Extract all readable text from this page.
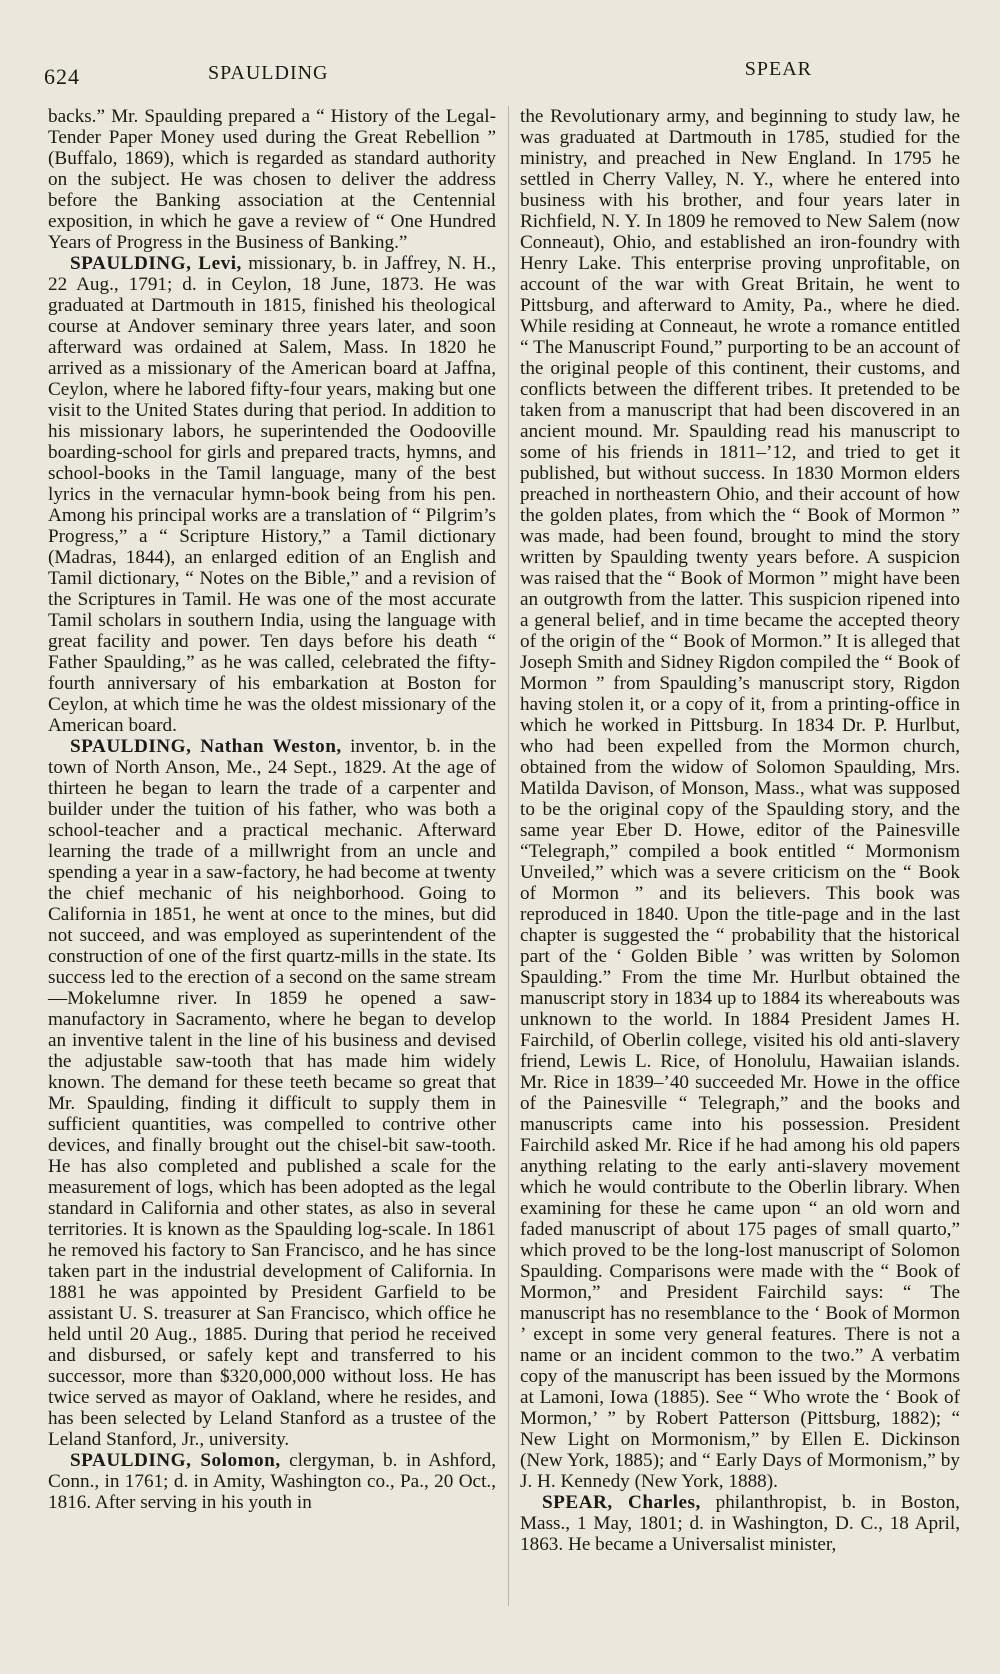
624	SPAULDING	SPEAR

backs.” Mr. Spaulding prepared a “ History of the Legal-Tender Paper Money used during the Great Rebellion ” (Buffalo, 1869), which is regarded as standard authority on the subject. He was chosen to deliver the address before the Banking association at the Centennial exposition, in which he gave a review of “ One Hundred Years of Progress in the Business of Banking.”

SPAULDING, Levi, missionary, b. in Jaffrey, N. H., 22 Aug., 1791; d. in Ceylon, 18 June, 1873. He was graduated at Dartmouth in 1815, finished his theological course at Andover seminary three years later, and soon afterward was ordained at Salem, Mass. In 1820 he arrived as a missionary of the American board at Jaffna, Ceylon, where he labored fifty-four years, making but one visit to the United States during that period. In addition to his missionary labors, he superintended the Oodooville boarding-school for girls and prepared tracts, hymns, and school-books in the Tamil language, many of the best lyrics in the vernacular hymn-book being from his pen. Among his principal works are a translation of “ Pilgrim’s Progress,” a “ Scripture History,” a Tamil dictionary (Madras, 1844), an enlarged edition of an English and Tamil dictionary, “ Notes on the Bible,” and a revision of the Scriptures in Tamil. He was one of the most accurate Tamil scholars in southern India, using the language with great facility and power. Ten days before his death “ Father Spaulding,” as he was called, celebrated the fifty-fourth anniversary of his embarkation at Boston for Ceylon, at which time he was the oldest missionary of the American board.

SPAULDING, Nathan Weston, inventor, b. in the town of North Anson, Me., 24 Sept., 1829. At the age of thirteen he began to learn the trade of a carpenter and builder under the tuition of his father, who was both a school-teacher and a practical mechanic. Afterward learning the trade of a millwright from an uncle and spending a year in a saw-factory, he had become at twenty the chief mechanic of his neighborhood. Going to California in 1851, he went at once to the mines, but did not succeed, and was employed as superintendent of the construction of one of the first quartz-mills in the state. Its success led to the erection of a second on the same stream—Mokelumne river. In 1859 he opened a saw-manufactory in Sacramento, where he began to develop an inventive talent in the line of his business and devised the adjustable saw-tooth that has made him widely known. The demand for these teeth became so great that Mr. Spaulding, finding it difficult to supply them in sufficient quantities, was compelled to contrive other devices, and finally brought out the chisel-bit saw-tooth. He has also completed and published a scale for the measurement of logs, which has been adopted as the legal standard in California and other states, as also in several territories. It is known as the Spaulding log-scale. In 1861 he removed his factory to San Francisco, and he has since taken part in the industrial development of California. In 1881 he was appointed by President Garfield to be assistant U. S. treasurer at San Francisco, which office he held until 20 Aug., 1885. During that period he received and disbursed, or safely kept and transferred to his successor, more than $320,000,000 without loss. He has twice served as mayor of Oakland, where he resides, and has been selected by Leland Stanford as a trustee of the Leland Stanford, Jr., university.

SPAULDING, Solomon, clergyman, b. in Ashford, Conn., in 1761; d. in Amity, Washington co., Pa., 20 Oct., 1816. After serving in his youth in

the Revolutionary army, and beginning to study law, he was graduated at Dartmouth in 1785, studied for the ministry, and preached in New England. In 1795 he settled in Cherry Valley, N. Y., where he entered into business with his brother, and four years later in Richfield, N. Y. In 1809 he removed to New Salem (now Conneaut), Ohio, and established an iron-foundry with Henry Lake. This enterprise proving unprofitable, on account of the war with Great Britain, he went to Pittsburg, and afterward to Amity, Pa., where he died. While residing at Conneaut, he wrote a romance entitled “ The Manuscript Found,” purporting to be an account of the original people of this continent, their customs, and conflicts between the different tribes. It pretended to be taken from a manuscript that had been discovered in an ancient mound. Mr. Spaulding read his manuscript to some of his friends in 1811–’12, and tried to get it published, but without success. In 1830 Mormon elders preached in northeastern Ohio, and their account of how the golden plates, from which the “ Book of Mormon ” was made, had been found, brought to mind the story written by Spaulding twenty years before. A suspicion was raised that the “ Book of Mormon ” might have been an outgrowth from the latter. This suspicion ripened into a general belief, and in time became the accepted theory of the origin of the “ Book of Mormon.” It is alleged that Joseph Smith and Sidney Rigdon compiled the “ Book of Mormon ” from Spaulding’s manuscript story, Rigdon having stolen it, or a copy of it, from a printing-office in which he worked in Pittsburg. In 1834 Dr. P. Hurlbut, who had been expelled from the Mormon church, obtained from the widow of Solomon Spaulding, Mrs. Matilda Davison, of Monson, Mass., what was supposed to be the original copy of the Spaulding story, and the same year Eber D. Howe, editor of the Painesville “Telegraph,” compiled a book entitled “ Mormonism Unveiled,” which was a severe criticism on the “ Book of Mormon ” and its believers. This book was reproduced in 1840. Upon the title-page and in the last chapter is suggested the “ probability that the historical part of the ‘ Golden Bible ’ was written by Solomon Spaulding.” From the time Mr. Hurlbut obtained the manuscript story in 1834 up to 1884 its whereabouts was unknown to the world. In 1884 President James H. Fairchild, of Oberlin college, visited his old anti-slavery friend, Lewis L. Rice, of Honolulu, Hawaiian islands. Mr. Rice in 1839–’40 succeeded Mr. Howe in the office of the Painesville “ Telegraph,” and the books and manuscripts came into his possession. President Fairchild asked Mr. Rice if he had among his old papers anything relating to the early anti-slavery movement which he would contribute to the Oberlin library. When examining for these he came upon “ an old worn and faded manuscript of about 175 pages of small quarto,” which proved to be the long-lost manuscript of Solomon Spaulding. Comparisons were made with the “ Book of Mormon,” and President Fairchild says: “ The manuscript has no resemblance to the ‘ Book of Mormon ’ except in some very general features. There is not a name or an incident common to the two.” A verbatim copy of the manuscript has been issued by the Mormons at Lamoni, Iowa (1885). See “ Who wrote the ‘ Book of Mormon,’ ” by Robert Patterson (Pittsburg, 1882); “ New Light on Mormonism,” by Ellen E. Dickinson (New York, 1885); and “ Early Days of Mormonism,” by J. H. Kennedy (New York, 1888).

SPEAR, Charles, philanthropist, b. in Boston, Mass., 1 May, 1801; d. in Washington, D. C., 18 April, 1863. He became a Universalist minister,
